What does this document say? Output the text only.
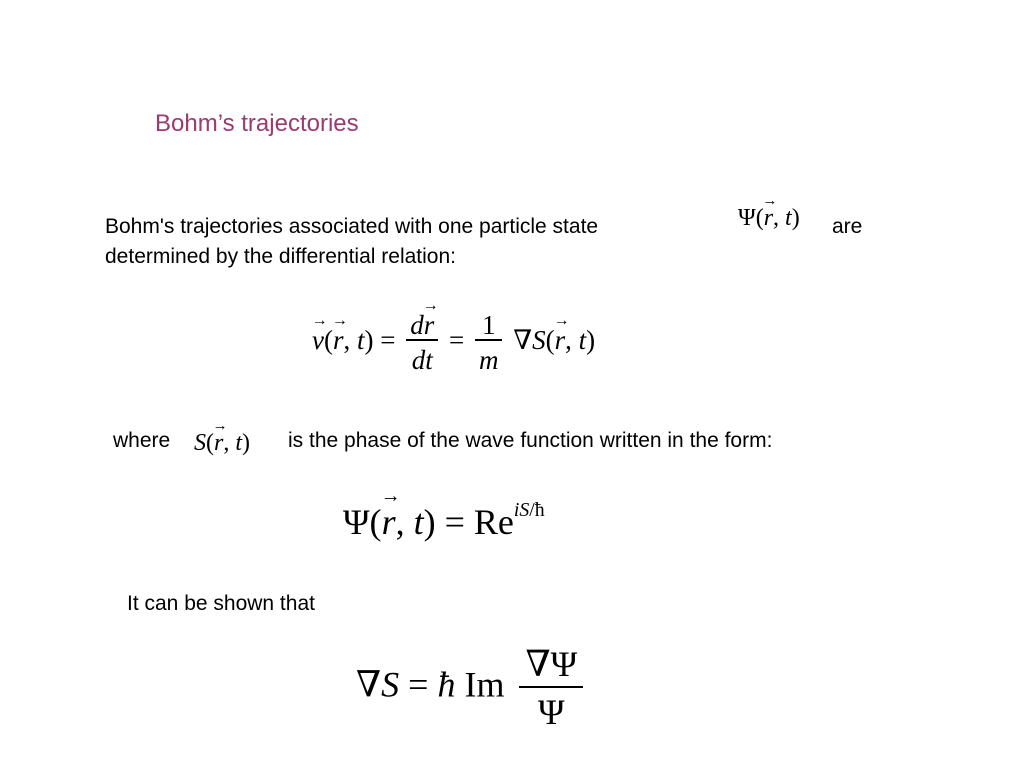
Bohm’s trajectories
Bohm's trajectories associated with one particle state	Ψ(r
→
, t) are
determined by the differential relation:
v
→
(r
→
, t) = dr
→
dt = $\frac{1}{m} \nabla S(r$
→
, t)
where S(r
→
, t) is the phase of the wave function written in the form:
Ψ(r
→
, $t) = Re^{iS/ħ}$
It can be shown that
∇S = ħ Im $\frac{\nabla\Psi}{\Psi}$
